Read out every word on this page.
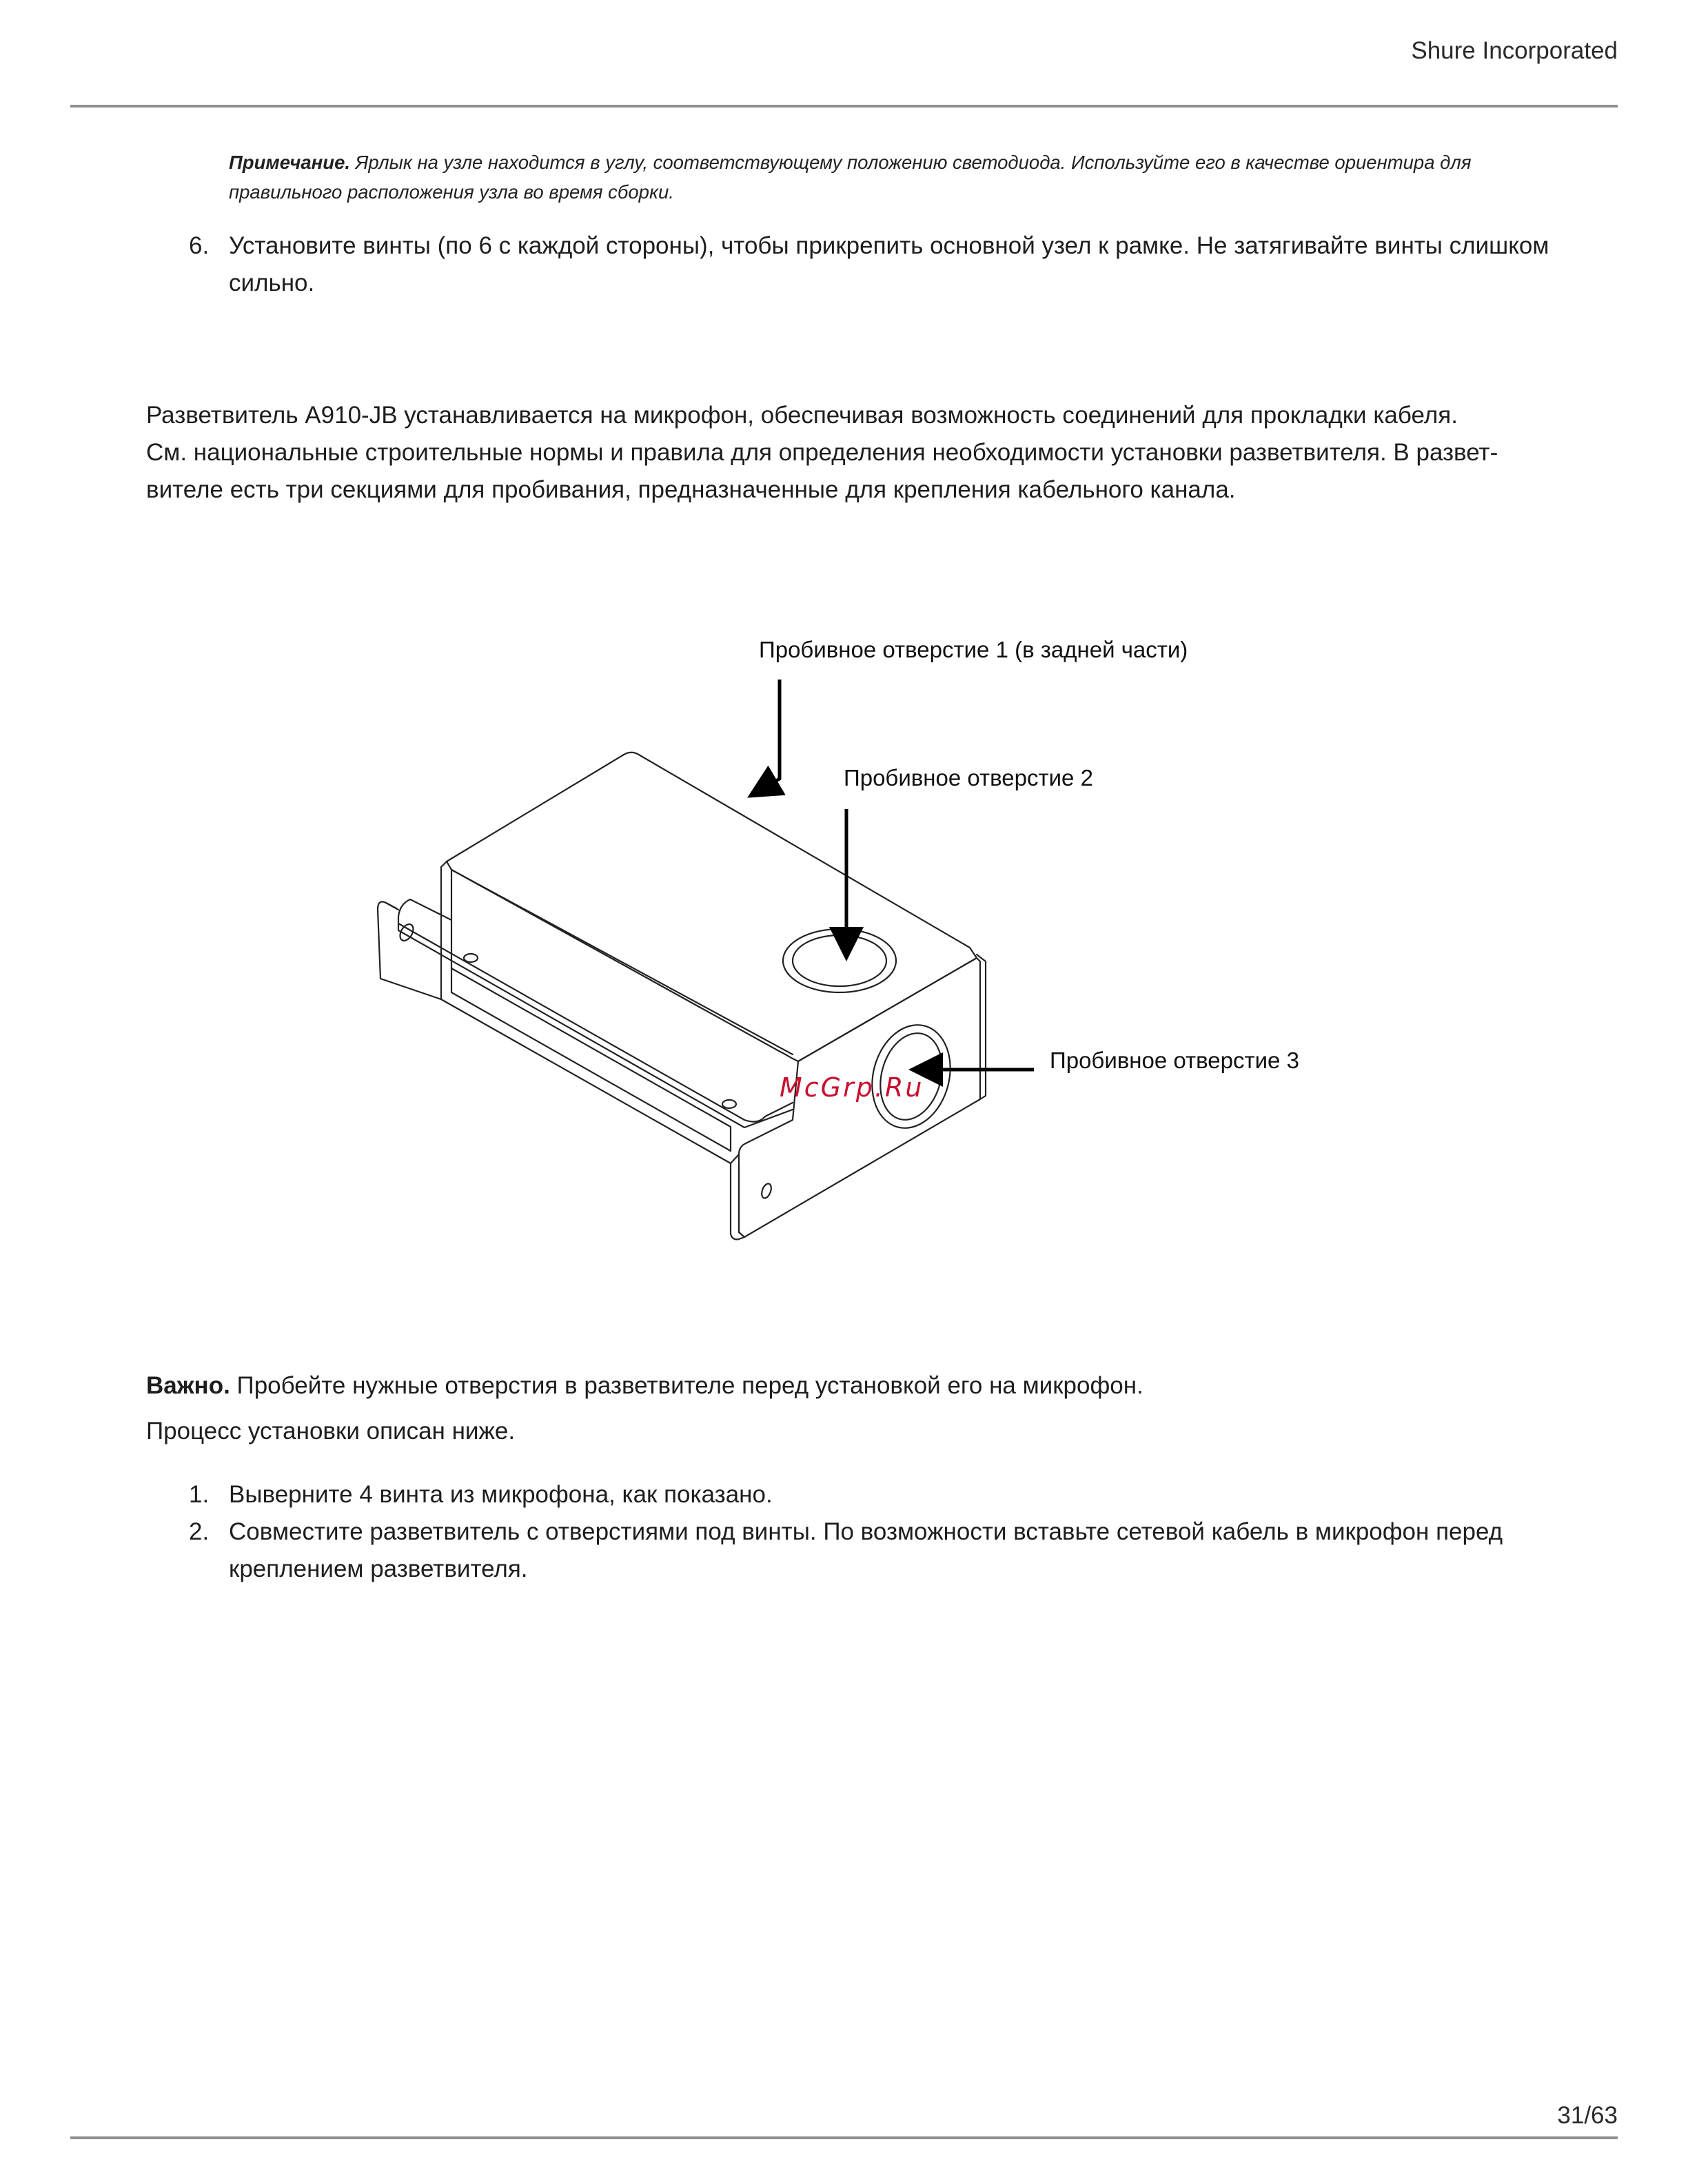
Shure Incorporated
Примечание. Ярлык на узле находится в углу, соответствующему положению светодиода. Используйте его в качестве ориентира для правильного расположения узла во время сборки.
6. Установите винты (по 6 с каждой стороны), чтобы прикрепить основной узел к рамке. Не затягивайте винты слишком сильно.
Разветвитель A910-JB устанавливается на микрофон, обеспечивая возможность соединений для прокладки кабеля.
См. национальные строительные нормы и правила для определения необходимости установки разветвителя. В развет-
вителе есть три секциями для пробивания, предназначенные для крепления кабельного канала.
Пробивное отверстие 1 (в задней части)
Пробивное отверстие 2
Пробивное отверстие 3
McGrp.Ru
Важно. Пробейте нужные отверстия в разветвителе перед установкой его на микрофон.
Процесс установки описан ниже.
1. Выверните 4 винта из микрофона, как показано.
2. Совместите разветвитель с отверстиями под винты. По возможности вставьте сетевой кабель в микрофон перед креплением разветвителя.
31/63
